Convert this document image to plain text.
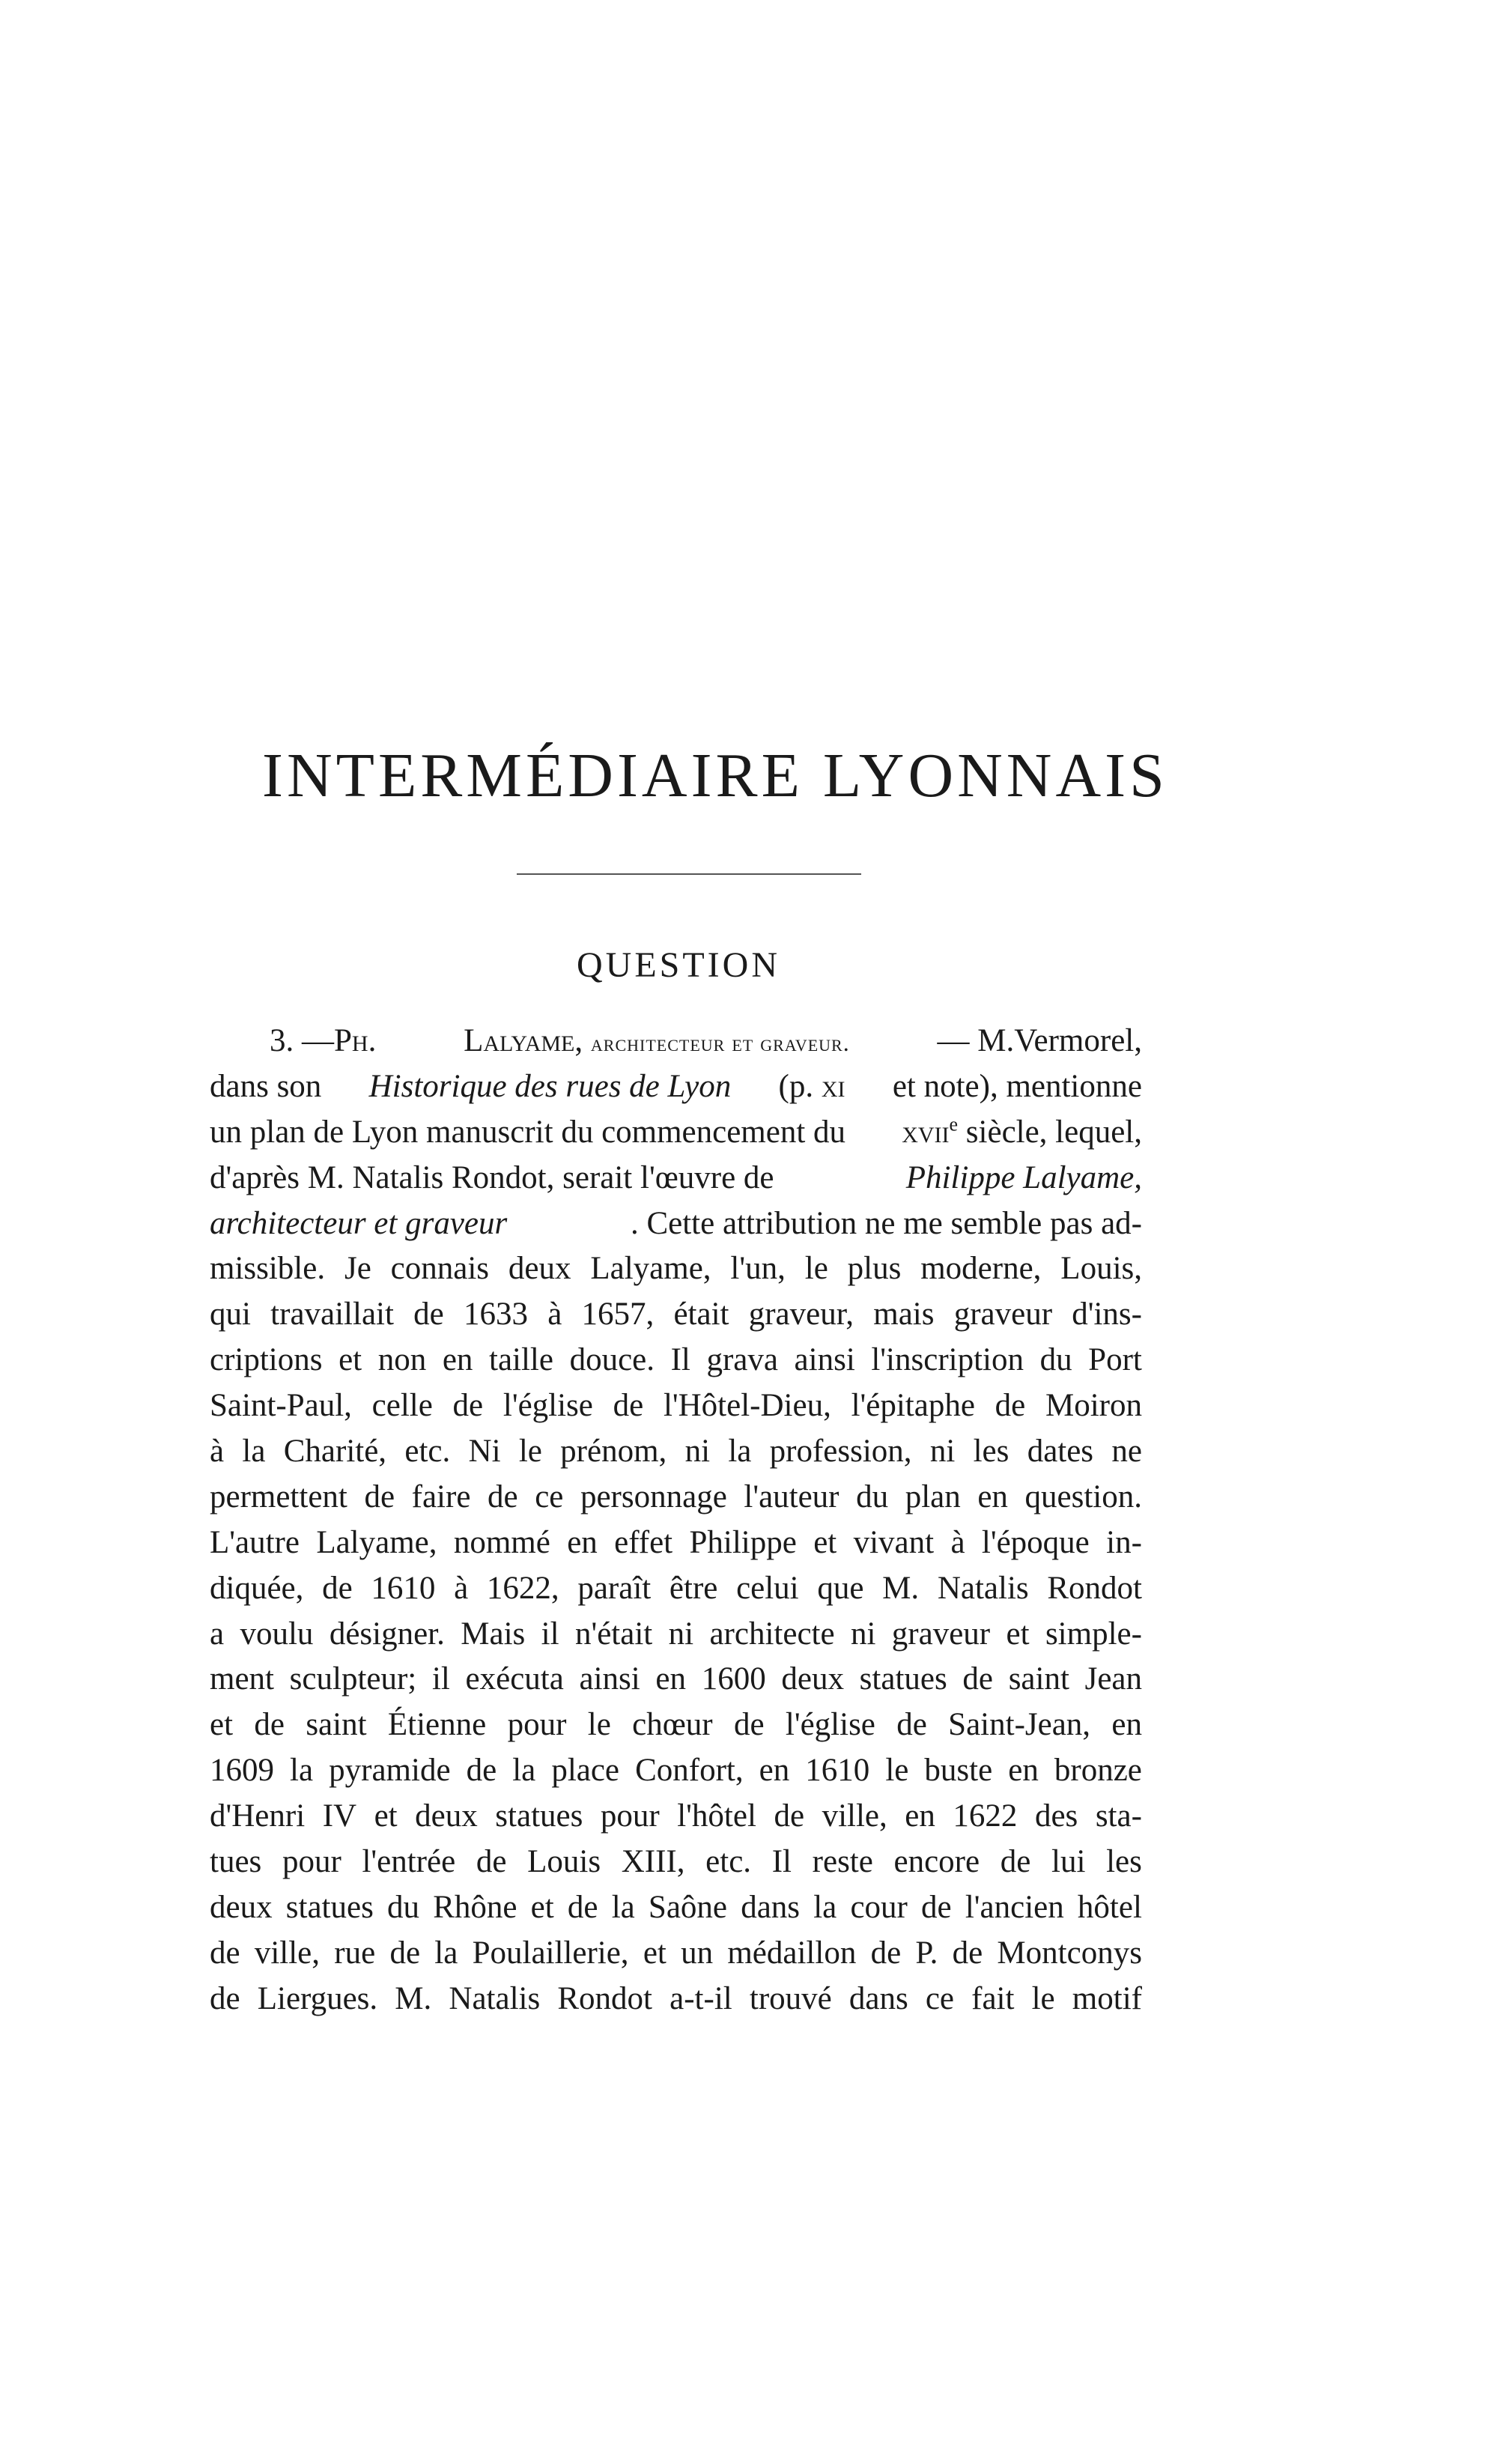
INTERMÉDIAIRE LYONNAIS
QUESTION
3. —Ph.	Lalyame, architecteur et graveur.	— M.Vermorel,
dans son Historique des rues de Lyon (p. xi et note), mentionne
un plan de Lyon manuscrit du commencement du xvii$^e$ siècle, lequel,
d'après M. Natalis Rondot, serait l'œuvre de	Philippe Lalyame,
architecteur et graveur	. Cette attribution ne me semble pas ad-
missible. Je connais deux Lalyame, l'un, le plus moderne, Louis,
qui travaillait de 1633 à 1657, était graveur, mais graveur d'ins-
criptions et non en taille douce. Il grava ainsi l'inscription du Port
Saint-Paul, celle de l'église de l'Hôtel-Dieu, l'épitaphe de Moiron
à la Charité, etc. Ni le prénom, ni la profession, ni les dates ne
permettent de faire de ce personnage l'auteur du plan en question.
L'autre Lalyame, nommé en effet Philippe et vivant à l'époque in-
diquée, de 1610 à 1622, paraît être celui que M. Natalis Rondot
a voulu désigner. Mais il n'était ni architecte ni graveur et simple-
ment sculpteur; il exécuta ainsi en 1600 deux statues de saint Jean
et de saint Étienne pour le chœur de l'église de Saint-Jean, en
1609 la pyramide de la place Confort, en 1610 le buste en bronze
d'Henri IV et deux statues pour l'hôtel de ville, en 1622 des sta-
tues pour l'entrée de Louis XIII, etc. Il reste encore de lui les
deux statues du Rhône et de la Saône dans la cour de l'ancien hôtel
de ville, rue de la Poulaillerie, et un médaillon de P. de Montconys
de Liergues. M. Natalis Rondot a-t-il trouvé dans ce fait le motif
